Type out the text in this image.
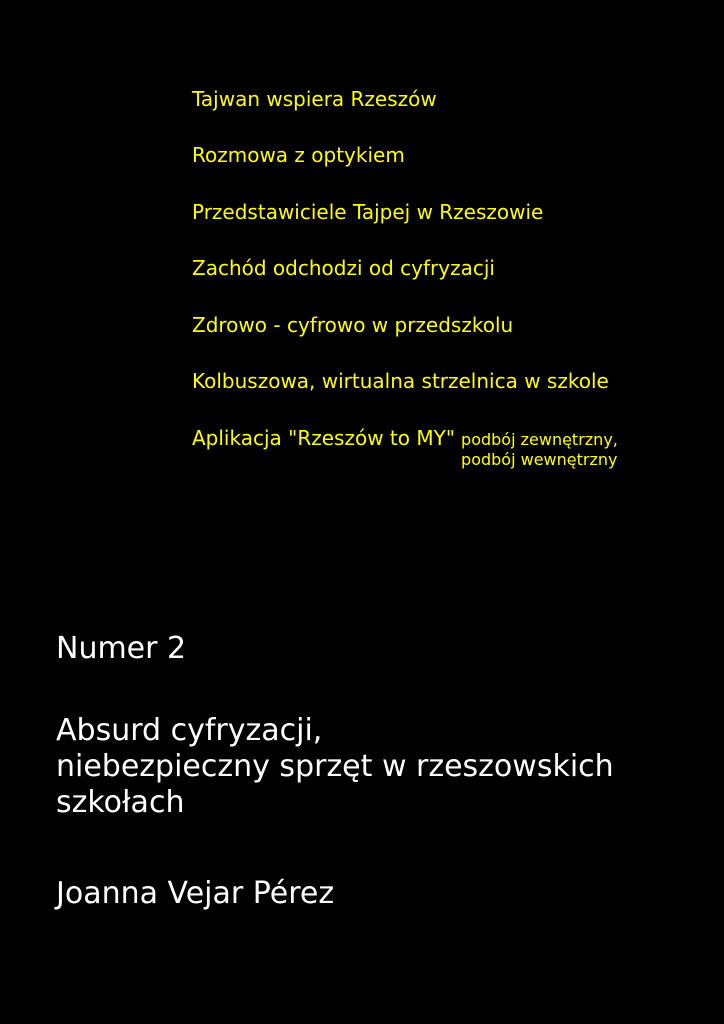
Tajwan wspiera Rzeszów
Rozmowa z optykiem
Przedstawiciele Tajpej w Rzeszowie
Zachód odchodzi od cyfryzacji
Zdrowo - cyfrowo w przedszkolu
Kolbuszowa, wirtualna strzelnica w szkole
Aplikacja "Rzeszów to MY" podbój zewnętrzny,
podbój wewnętrzny
Numer 2
Absurd cyfryzacji,
niebezpieczny sprzęt w rzeszowskich
szkołach
Joanna Vejar Pérez
